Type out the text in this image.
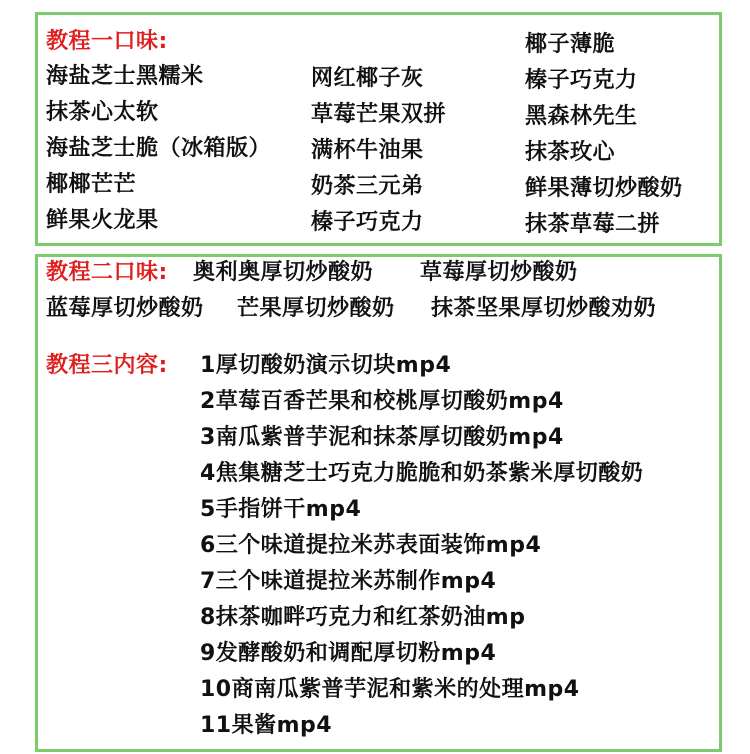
教程一口味:
海盐芝士黑糯米
抹茶心太软
海盐芝士脆（冰箱版）
椰椰芒芒
鲜果火龙果
网红椰子灰
草莓芒果双拼
满杯牛油果
奶茶三元弟
榛子巧克力
椰子薄脆
榛子巧克力
黑森林先生
抹茶玫心
鲜果薄切炒酸奶
抹茶草莓二拼
教程二口味: 奥利奥厚切炒酸奶 草莓厚切炒酸奶
蓝莓厚切炒酸奶 芒果厚切炒酸奶 抹茶坚果厚切炒酸劝奶
教程三内容: 1厚切酸奶演示切块mp4
2草莓百香芒果和校桃厚切酸奶mp4
3南瓜紫普芋泥和抹茶厚切酸奶mp4
4焦集糖芝士巧克力脆脆和奶茶紫米厚切酸奶
5手指饼干mp4
6三个味道提拉米苏表面装饰mp4
7三个味道提拉米苏制作mp4
8抹茶咖畔巧克力和红茶奶油mp
9发酵酸奶和调配厚切粉mp4
10商南瓜紫普芋泥和紫米的处理mp4
11果酱mp4
